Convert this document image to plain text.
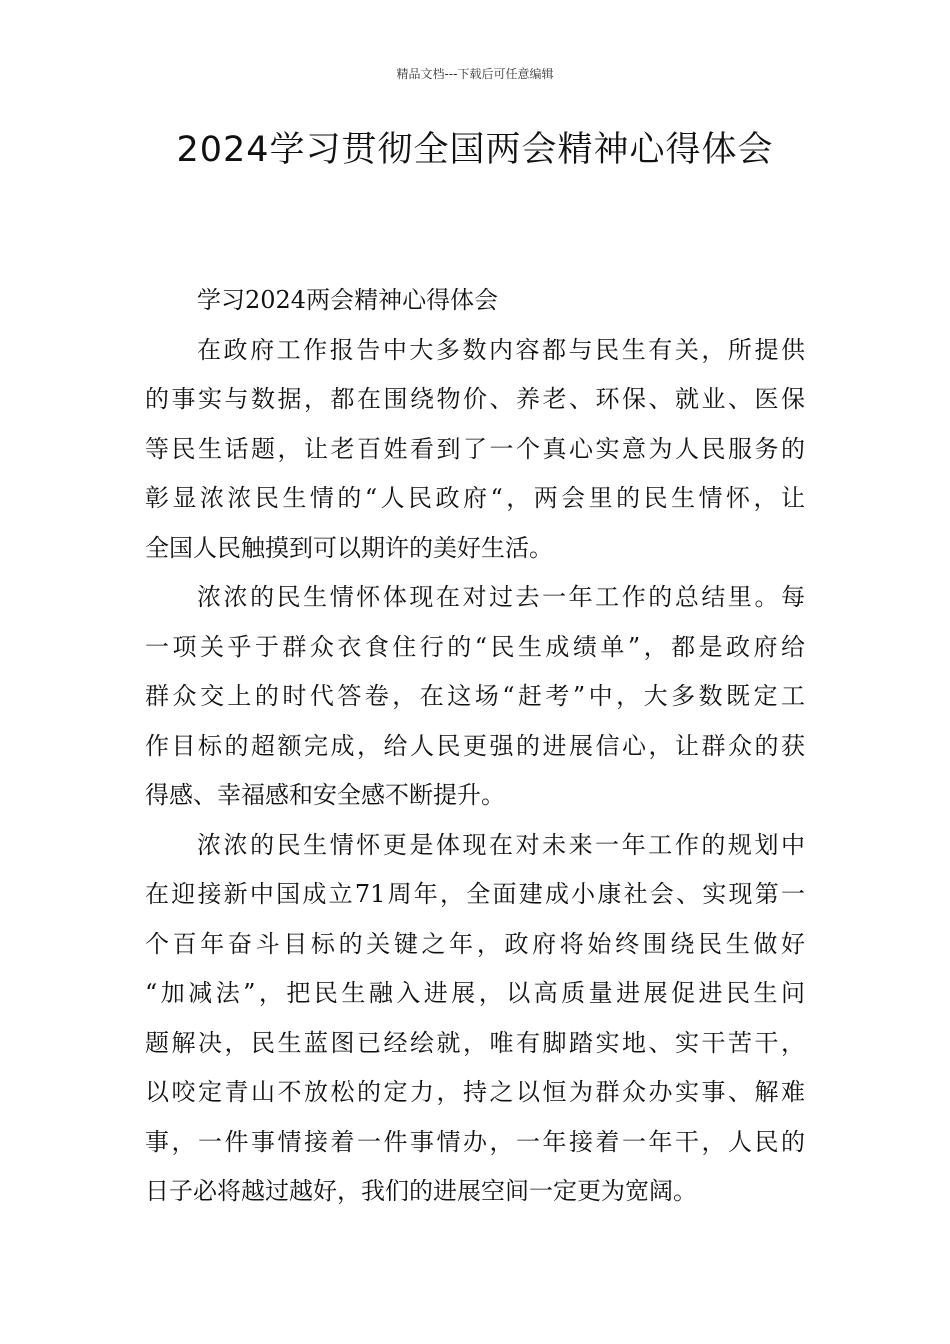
精品文档---下载后可任意编辑
2024学习贯彻全国两会精神心得体会

学习2024两会精神心得体会

在政府工作报告中大多数内容都与民生有关，所提供
的事实与数据，都在围绕物价、养老、环保、就业、医保
等民生话题，让老百姓看到了一个真心实意为人民服务的
彰显浓浓民生情的“人民政府“，两会里的民生情怀，让
全国人民触摸到可以期许的美好生活。
浓浓的民生情怀体现在对过去一年工作的总结里。每
一项关乎于群众衣食住行的“民生成绩单”，都是政府给
群众交上的时代答卷，在这场“赶考”中，大多数既定工
作目标的超额完成，给人民更强的进展信心，让群众的获
得感、幸福感和安全感不断提升。
浓浓的民生情怀更是体现在对未来一年工作的规划中
在迎接新中国成立71周年，全面建成小康社会、实现第一
个百年奋斗目标的关键之年，政府将始终围绕民生做好
“加减法”，把民生融入进展，以高质量进展促进民生问
题解决，民生蓝图已经绘就，唯有脚踏实地、实干苦干，
以咬定青山不放松的定力，持之以恒为群众办实事、解难
事，一件事情接着一件事情办，一年接着一年干，人民的
日子必将越过越好，我们的进展空间一定更为宽阔。
